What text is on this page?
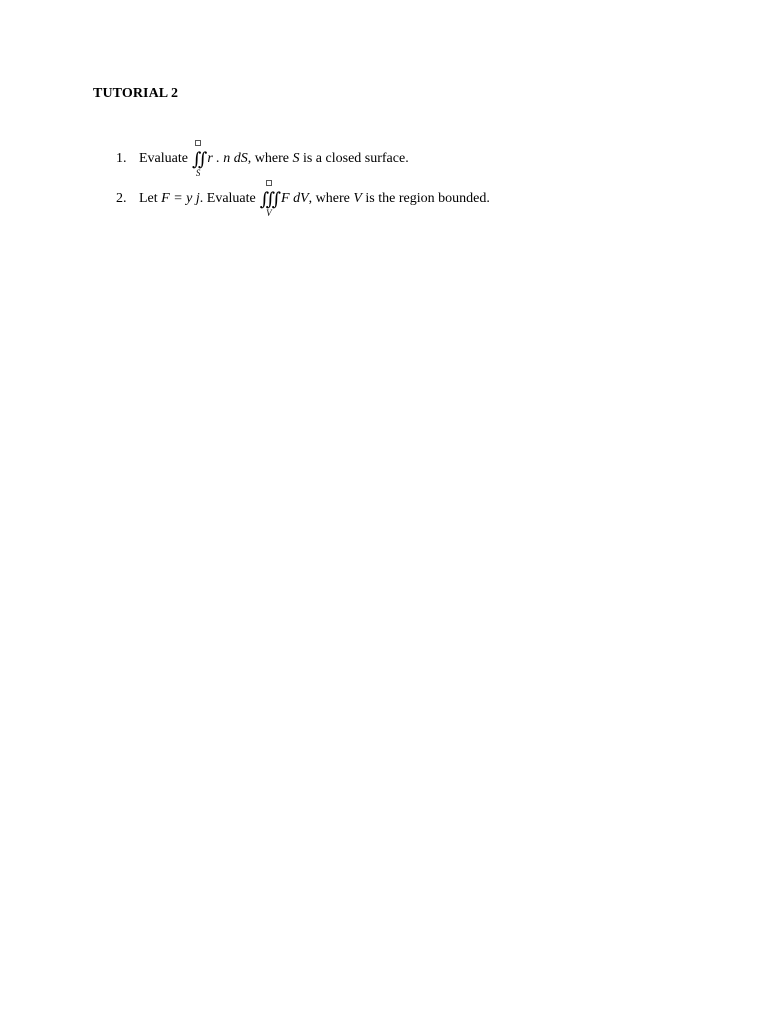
TUTORIAL 2
1. Evaluate ∬
S
r . n dS, where S is a closed surface.
2. Let F = y j. Evaluate ∭
V
F dV, where V is the region bounded.
